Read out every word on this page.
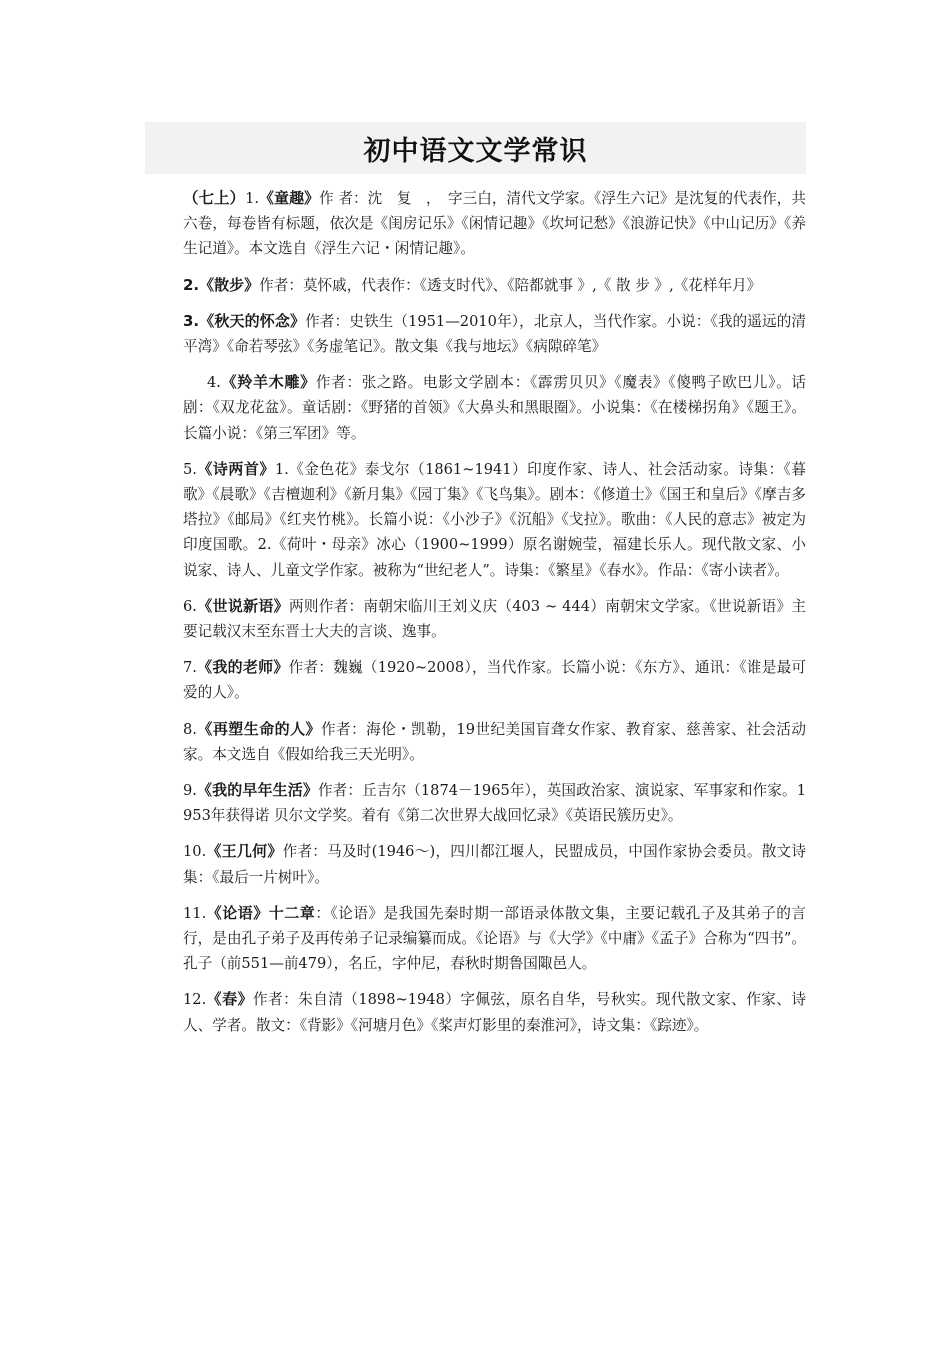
初中语文文学常识

（七上）1.《童趣》作 者：沈　复　，　字三白，清代文学家。《浮生六记》是沈复的代表作，共六卷，每卷皆有标题，依次是《闺房记乐》《闲情记趣》《坎坷记愁》《浪游记快》《中山记历》《养生记道》。本文选自《浮生六记・闲情记趣》。

2.《散步》作者：莫怀戚，代表作：《透支时代》、《陪都就事 》,《 散 步 》,《花样年月》

3.《秋天的怀念》作者：史铁生（1951—2010年），北京人，当代作家。小说：《我的遥远的清平湾》《命若琴弦》《务虚笔记》。散文集《我与地坛》《病隙碎笔》

4.《羚羊木雕》作者：张之路。电影文学剧本：《霹雳贝贝》《魔表》《傻鸭子欧巴儿》。话剧：《双龙花盆》。童话剧：《野猪的首领》《大鼻头和黑眼圈》。小说集：《在楼梯拐角》《题王》。长篇小说：《第三军团》等。

5.《诗两首》1.《金色花》泰戈尔（1861~1941）印度作家、诗人、社会活动家。诗集：《暮歌》《晨歌》《吉檀迦利》《新月集》《园丁集》《飞鸟集》。剧本：《修道士》《国王和皇后》《摩吉多塔拉》《邮局》《红夹竹桃》。长篇小说：《小沙子》《沉船》《戈拉》。歌曲：《人民的意志》被定为印度国歌。2.《荷叶・母亲》冰心（1900~1999）原名谢婉莹，福建长乐人。现代散文家、小说家、诗人、儿童文学作家。被称为“世纪老人”。诗集：《繁星》《春水》。作品：《寄小读者》。

6.《世说新语》两则作者：南朝宋临川王刘义庆（403 ~ 444）南朝宋文学家。《世说新语》主要记载汉末至东晋士大夫的言谈、逸事。

7.《我的老师》作者：魏巍（1920~2008），当代作家。长篇小说：《东方》、通讯：《谁是最可爱的人》。

8.《再塑生命的人》作者：海伦・凯勒，19世纪美国盲聋女作家、教育家、慈善家、社会活动家。本文选自《假如给我三天光明》。

9.《我的早年生活》作者：丘吉尔（1874－1965年），英国政治家、演说家、军事家和作家。1953年获得诺 贝尔文学奖。着有《第二次世界大战回忆录》《英语民簇历史》。

10.《王几何》作者：马及时(1946～)，四川都江堰人，民盟成员，中国作家协会委员。散文诗集：《最后一片树叶》。

11.《论语》十二章：《论语》是我国先秦时期一部语录体散文集，主要记载孔子及其弟子的言行，是由孔子弟子及再传弟子记录编纂而成。《论语》与《大学》《中庸》《孟子》合称为“四书”。孔子（前551—前479），名丘，字仲尼，春秋时期鲁国陬邑人。

12.《春》作者：朱自清（1898~1948）字佩弦，原名自华，号秋实。现代散文家、作家、诗人、学者。散文：《背影》《河塘月色》《桨声灯影里的秦淮河》，诗文集：《踪迹》。
